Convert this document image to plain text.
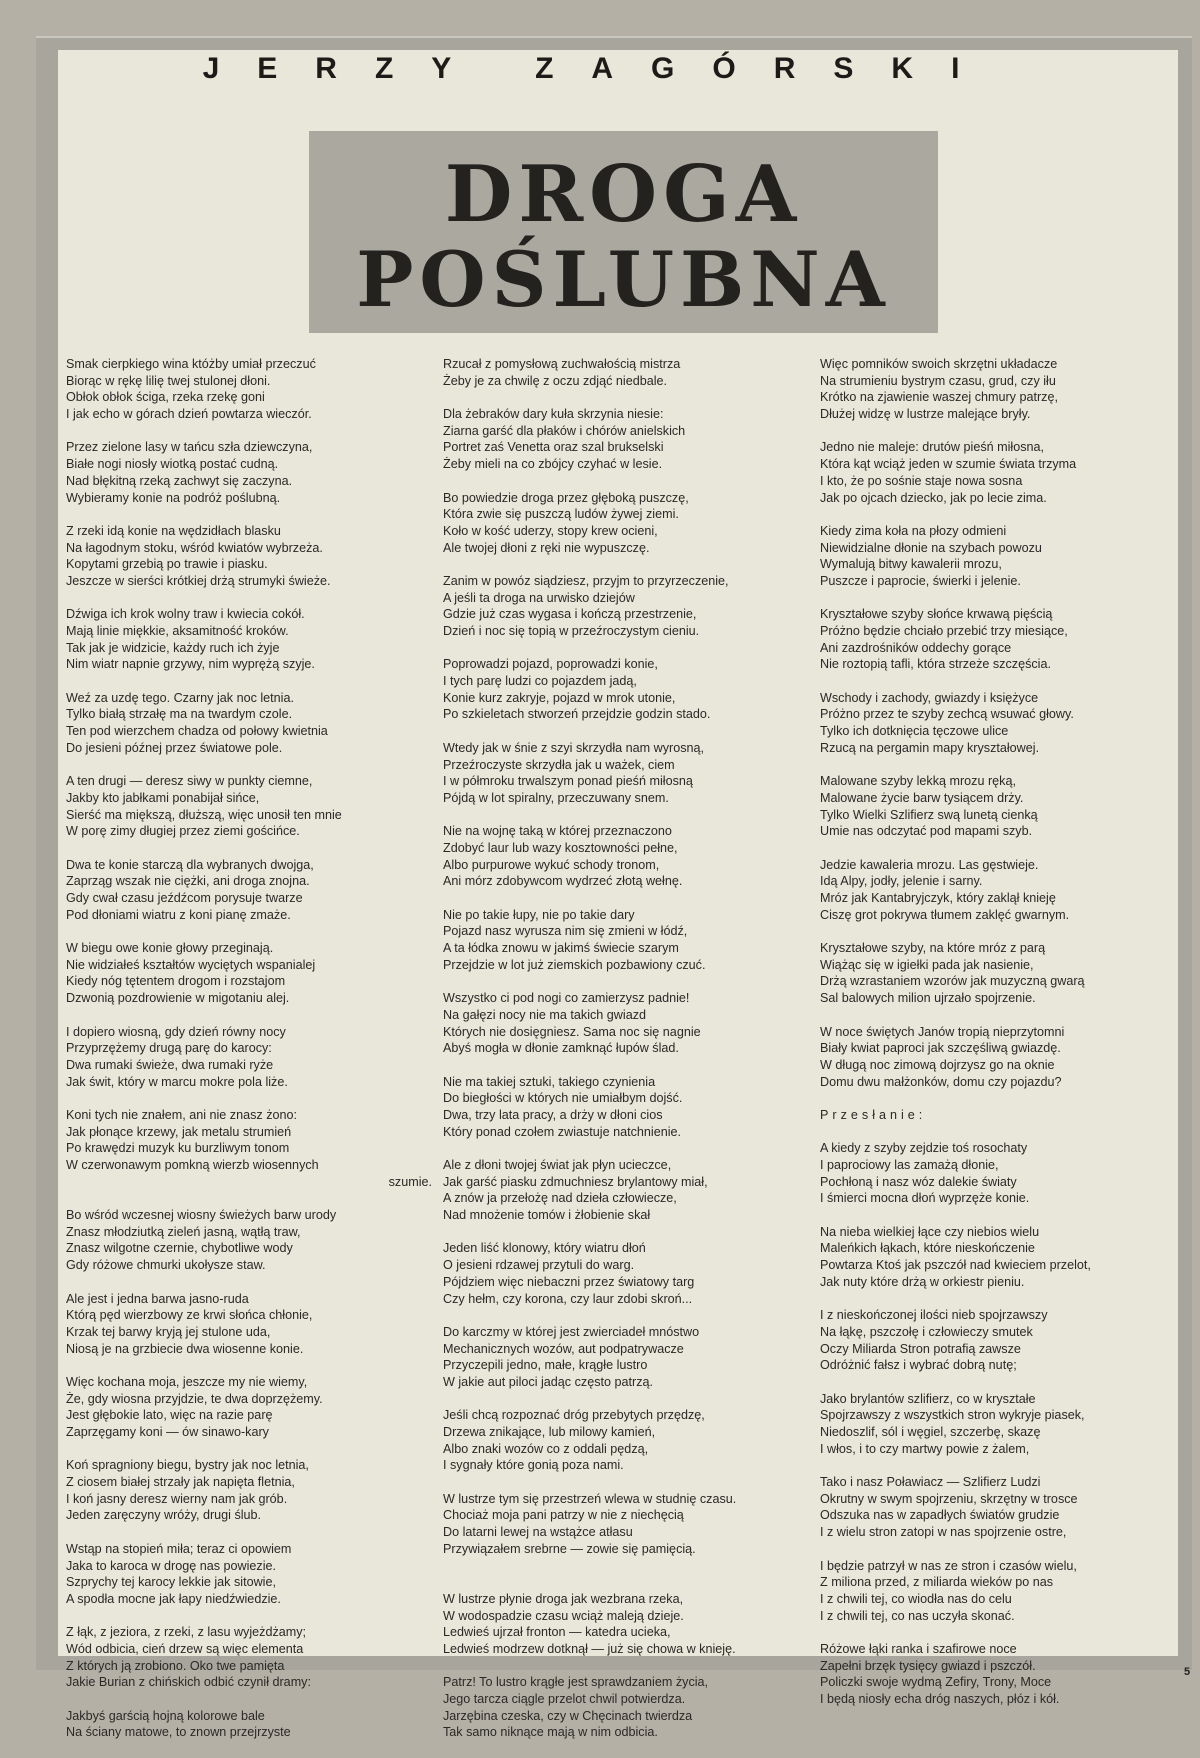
JERZY ZAGÓRSKI
DROGA
POŚLUBNA
Smak cierpkiego wina któżby umiał przeczuć
Biorąc w rękę lilię twej stulonej dłoni.
Obłok obłok ściga, rzeka rzekę goni
I jak echo w górach dzień powtarza wieczór.
Przez zielone lasy w tańcu szła dziewczyna,
Białe nogi niosły wiotką postać cudną.
Nad błękitną rzeką zachwyt się zaczyna.
Wybieramy konie na podróż poślubną.
Z rzeki idą konie na wędzidłach blasku
Na łagodnym stoku, wśród kwiatów wybrzeża.
Kopytami grzebią po trawie i piasku.
Jeszcze w sierści krótkiej drżą strumyki świeże.
Dźwiga ich krok wolny traw i kwiecia cokół.
Mają linie miękkie, aksamitność kroków.
Tak jak je widzicie, każdy ruch ich żyje
Nim wiatr napnie grzywy, nim wyprężą szyje.
Weź za uzdę tego. Czarny jak noc letnia.
Tylko białą strzałę ma na twardym czole.
Ten pod wierzchem chadza od połowy kwietnia
Do jesieni późnej przez światowe pole.
A ten drugi — deresz siwy w punkty ciemne,
Jakby kto jabłkami ponabijał sińce,
Sierść ma miększą, dłuższą, więc unosił ten mnie
W porę zimy długiej przez ziemi gościńce.
Dwa te konie starczą dla wybranych dwojga,
Zaprząg wszak nie ciężki, ani droga znojna.
Gdy cwał czasu jeźdźcom porysuje twarze
Pod dłoniami wiatru z koni pianę zmaże.
W biegu owe konie głowy przeginają.
Nie widziałeś kształtów wyciętych wspanialej
Kiedy nóg tętentem drogom i rozstajom
Dzwonią pozdrowienie w migotaniu alej.
I dopiero wiosną, gdy dzień równy nocy
Przyprzężemy drugą parę do karocy:
Dwa rumaki świeże, dwa rumaki ryże
Jak świt, który w marcu mokre pola liże.
Koni tych nie znałem, ani nie znasz żono:
Jak płonące krzewy, jak metalu strumień
Po krawędzi muzyk ku burzliwym tonom
W czerwonawym pomkną wierzb wiosennych
szumie.
Bo wśród wczesnej wiosny świeżych barw urody
Znasz młodziutką zieleń jasną, wątłą traw,
Znasz wilgotne czernie, chybotliwe wody
Gdy różowe chmurki ukołysze staw.
Ale jest i jedna barwa jasno-ruda
Którą pęd wierzbowy ze krwi słońca chłonie,
Krzak tej barwy kryją jej stulone uda,
Niosą je na grzbiecie dwa wiosenne konie.
Więc kochana moja, jeszcze my nie wiemy,
Że, gdy wiosna przyjdzie, te dwa doprzężemy.
Jest głębokie lato, więc na razie parę
Zaprzęgamy koni — ów sinawo-kary
Koń spragniony biegu, bystry jak noc letnia,
Z ciosem białej strzały jak napięta fletnia,
I koń jasny deresz wierny nam jak grób.
Jeden zaręczyny wróży, drugi ślub.
Wstąp na stopień miła; teraz ci opowiem
Jaka to karoca w drogę nas powiezie.
Szprychy tej karocy lekkie jak sitowie,
A spodła mocne jak łapy niedźwiedzie.
Z łąk, z jeziora, z rzeki, z lasu wyjeżdżamy;
Wód odbicia, cień drzew są więc elementa
Z których ją zrobiono. Oko twe pamięta
Jakie Burian z chińskich odbić czynił dramy:
Jakbyś garścią hojną kolorowe bale
Na ściany matowe, to znown przejrzyste
Rzucał z pomysłową zuchwałością mistrza
Żeby je za chwilę z oczu zdjąć niedbale.
Dla żebraków dary kuła skrzynia niesie:
Ziarna garść dla płaków i chórów anielskich
Portret zaś Venetta oraz szal brukselski
Żeby mieli na co zbójcy czyhać w lesie.
Bo powiedzie droga przez głęboką puszczę,
Która zwie się puszczą ludów żywej ziemi.
Koło w kość uderzy, stopy krew ocieni,
Ale twojej dłoni z ręki nie wypuszczę.
Zanim w powóz siądziesz, przyjm to przyrzeczenie,
A jeśli ta droga na urwisko dziejów
Gdzie już czas wygasa i kończą przestrzenie,
Dzień i noc się topią w przeźroczystym cieniu.
Poprowadzi pojazd, poprowadzi konie,
I tych parę ludzi co pojazdem jadą,
Konie kurz zakryje, pojazd w mrok utonie,
Po szkieletach stworzeń przejdzie godzin stado.
Wtedy jak w śnie z szyi skrzydła nam wyrosną,
Przeźroczyste skrzydła jak u ważek, ciem
I w półmroku trwalszym ponad pieśń miłosną
Pójdą w lot spiralny, przeczuwany snem.
Nie na wojnę taką w której przeznaczono
Zdobyć laur lub wazy kosztowności pełne,
Albo purpurowe wykuć schody tronom,
Ani mórz zdobywcom wydrzeć złotą wełnę.
Nie po takie łupy, nie po takie dary
Pojazd nasz wyrusza nim się zmieni w łódź,
A ta łódka znowu w jakimś świecie szarym
Przejdzie w lot już ziemskich pozbawiony czuć.
Wszystko ci pod nogi co zamierzysz padnie!
Na gałęzi nocy nie ma takich gwiazd
Których nie dosięgniesz. Sama noc się nagnie
Abyś mogła w dłonie zamknąć łupów ślad.
Nie ma takiej sztuki, takiego czynienia
Do biegłości w których nie umiałbym dojść.
Dwa, trzy lata pracy, a drży w dłoni cios
Który ponad czołem zwiastuje natchnienie.
Ale z dłoni twojej świat jak płyn ucieczce,
Jak garść piasku zdmuchniesz brylantowy miał,
A znów ja przełożę nad dzieła człowiecze,
Nad mnożenie tomów i żłobienie skał
Jeden liść klonowy, który wiatru dłoń
O jesieni rdzawej przytuli do warg.
Pójdziem więc niebaczni przez światowy targ
Czy hełm, czy korona, czy laur zdobi skroń...
Do karczmy w której jest zwierciadeł mnóstwo
Mechanicznych wozów, aut podpatrywacze
Przyczepili jedno, małe, krągłe lustro
W jakie aut piloci jadąc często patrzą.
Jeśli chcą rozpoznać dróg przebytych przędzę,
Drzewa znikające, lub milowy kamień,
Albo znaki wozów co z oddali pędzą,
I sygnały które gonią poza nami.
W lustrze tym się przestrzeń wlewa w studnię czasu.
Chociaż moja pani patrzy w nie z niechęcią
Do latarni lewej na wstążce atłasu
Przywiązałem srebrne — zowie się pamięcią.
W lustrze płynie droga jak wezbrana rzeka,
W wodospadzie czasu wciąż maleją dzieje.
Ledwieś ujrzał fronton — katedra ucieka,
Ledwieś modrzew dotknął — już się chowa w knieję.
Patrz! To lustro krągłe jest sprawdzaniem życia,
Jego tarcza ciągle przelot chwil potwierdza.
Jarzębina czeska, czy w Chęcinach twierdza
Tak samo niknące mają w nim odbicia.
Więc pomników swoich skrzętni układacze
Na strumieniu bystrym czasu, grud, czy iłu
Krótko na zjawienie waszej chmury patrzę,
Dłużej widzę w lustrze malejące bryły.
Jedno nie maleje: drutów pieśń miłosna,
Która kąt wciąż jeden w szumie świata trzyma
I kto, że po sośnie staje nowa sosna
Jak po ojcach dziecko, jak po lecie zima.
Kiedy zima koła na płozy odmieni
Niewidzialne dłonie na szybach powozu
Wymalują bitwy kawalerii mrozu,
Puszcze i paprocie, świerki i jelenie.
Kryształowe szyby słońce krwawą pięścią
Próżno będzie chciało przebić trzy miesiące,
Ani zazdrośników oddechy gorące
Nie roztopią tafli, która strzeże szczęścia.
Wschody i zachody, gwiazdy i księżyce
Próżno przez te szyby zechcą wsuwać głowy.
Tylko ich dotknięcia tęczowe ulice
Rzucą na pergamin mapy kryształowej.
Malowane szyby lekką mrozu ręką,
Malowane życie barw tysiącem drży.
Tylko Wielki Szlifierz swą lunetą cienką
Umie nas odczytać pod mapami szyb.
Jedzie kawaleria mrozu. Las gęstwieje.
Idą Alpy, jodły, jelenie i sarny.
Mróz jak Kantabryjczyk, który zaklął knieję
Ciszę grot pokrywa tłumem zaklęć gwarnym.
Kryształowe szyby, na które mróz z parą
Wiążąc się w igiełki pada jak nasienie,
Drżą wzrastaniem wzorów jak muzyczną gwarą
Sal balowych milion ujrzało spojrzenie.
W noce świętych Janów tropią nieprzytomni
Biały kwiat paproci jak szczęśliwą gwiazdę.
W długą noc zimową dojrzysz go na oknie
Domu dwu małżonków, domu czy pojazdu?
Przesłanie:
A kiedy z szyby zejdzie toś rosochaty
I paprociowy las zamażą dłonie,
Pochłoną i nasz wóz dalekie światy
I śmierci mocna dłoń wyprzęże konie.
Na nieba wielkiej łące czy niebios wielu
Maleńkich łąkach, które nieskończenie
Powtarza Ktoś jak pszczół nad kwieciem przelot,
Jak nuty które drżą w orkiestr pieniu.
I z nieskończonej ilości nieb spojrzawszy
Na łąkę, pszczołę i człowieczy smutek
Oczy Miliarda Stron potrafią zawsze
Odróżnić fałsz i wybrać dobrą nutę;
Jako brylantów szlifierz, co w kryształe
Spojrzawszy z wszystkich stron wykryje piasek,
Niedoszlif, sól i węgiel, szczerbę, skazę
I włos, i to czy martwy powie z żalem,
Tako i nasz Poławiacz — Szlifierz Ludzi
Okrutny w swym spojrzeniu, skrzętny w trosce
Odszuka nas w zapadłych światów grudzie
I z wielu stron zatopi w nas spojrzenie ostre,
I będzie patrzył w nas ze stron i czasów wielu,
Z miliona przed, z miliarda wieków po nas
I z chwili tej, co wiodła nas do celu
I z chwili tej, co nas uczyła skonać.
Różowe łąki ranka i szafirowe noce
Zapełni brzęk tysięcy gwiazd i pszczół.
Policzki swoje wydmą Zefiry, Trony, Moce
I będą niosły echa dróg naszych, płóz i kół.
5
